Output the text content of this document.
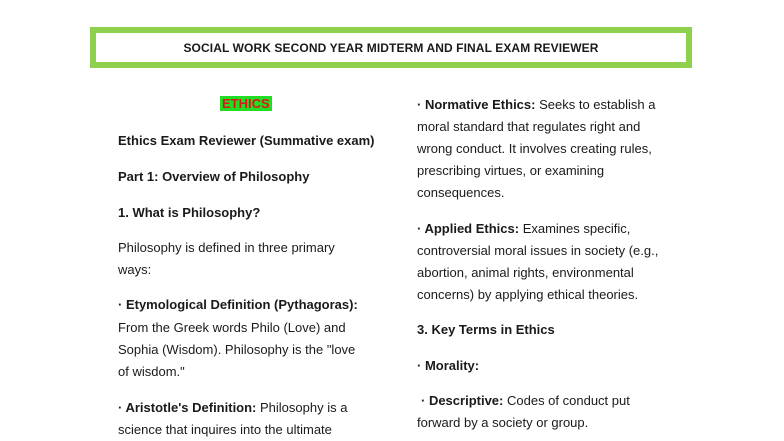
SOCIAL WORK SECOND YEAR MIDTERM AND FINAL EXAM REVIEWER
ETHICS
Ethics Exam Reviewer (Summative exam)
Part 1: Overview of Philosophy
1. What is Philosophy?
Philosophy is defined in three primary
ways:
· Etymological Definition (Pythagoras):
From the Greek words Philo (Love) and
Sophia (Wisdom). Philosophy is the "love
of wisdom."
· Aristotle's Definition: Philosophy is a
science that inquires into the ultimate
· Normative Ethics: Seeks to establish a
moral standard that regulates right and
wrong conduct. It involves creating rules,
prescribing virtues, or examining
consequences.
· Applied Ethics: Examines specific,
controversial moral issues in society (e.g.,
abortion, animal rights, environmental
concerns) by applying ethical theories.
3. Key Terms in Ethics
· Morality:
· Descriptive: Codes of conduct put
forward by a society or group.
